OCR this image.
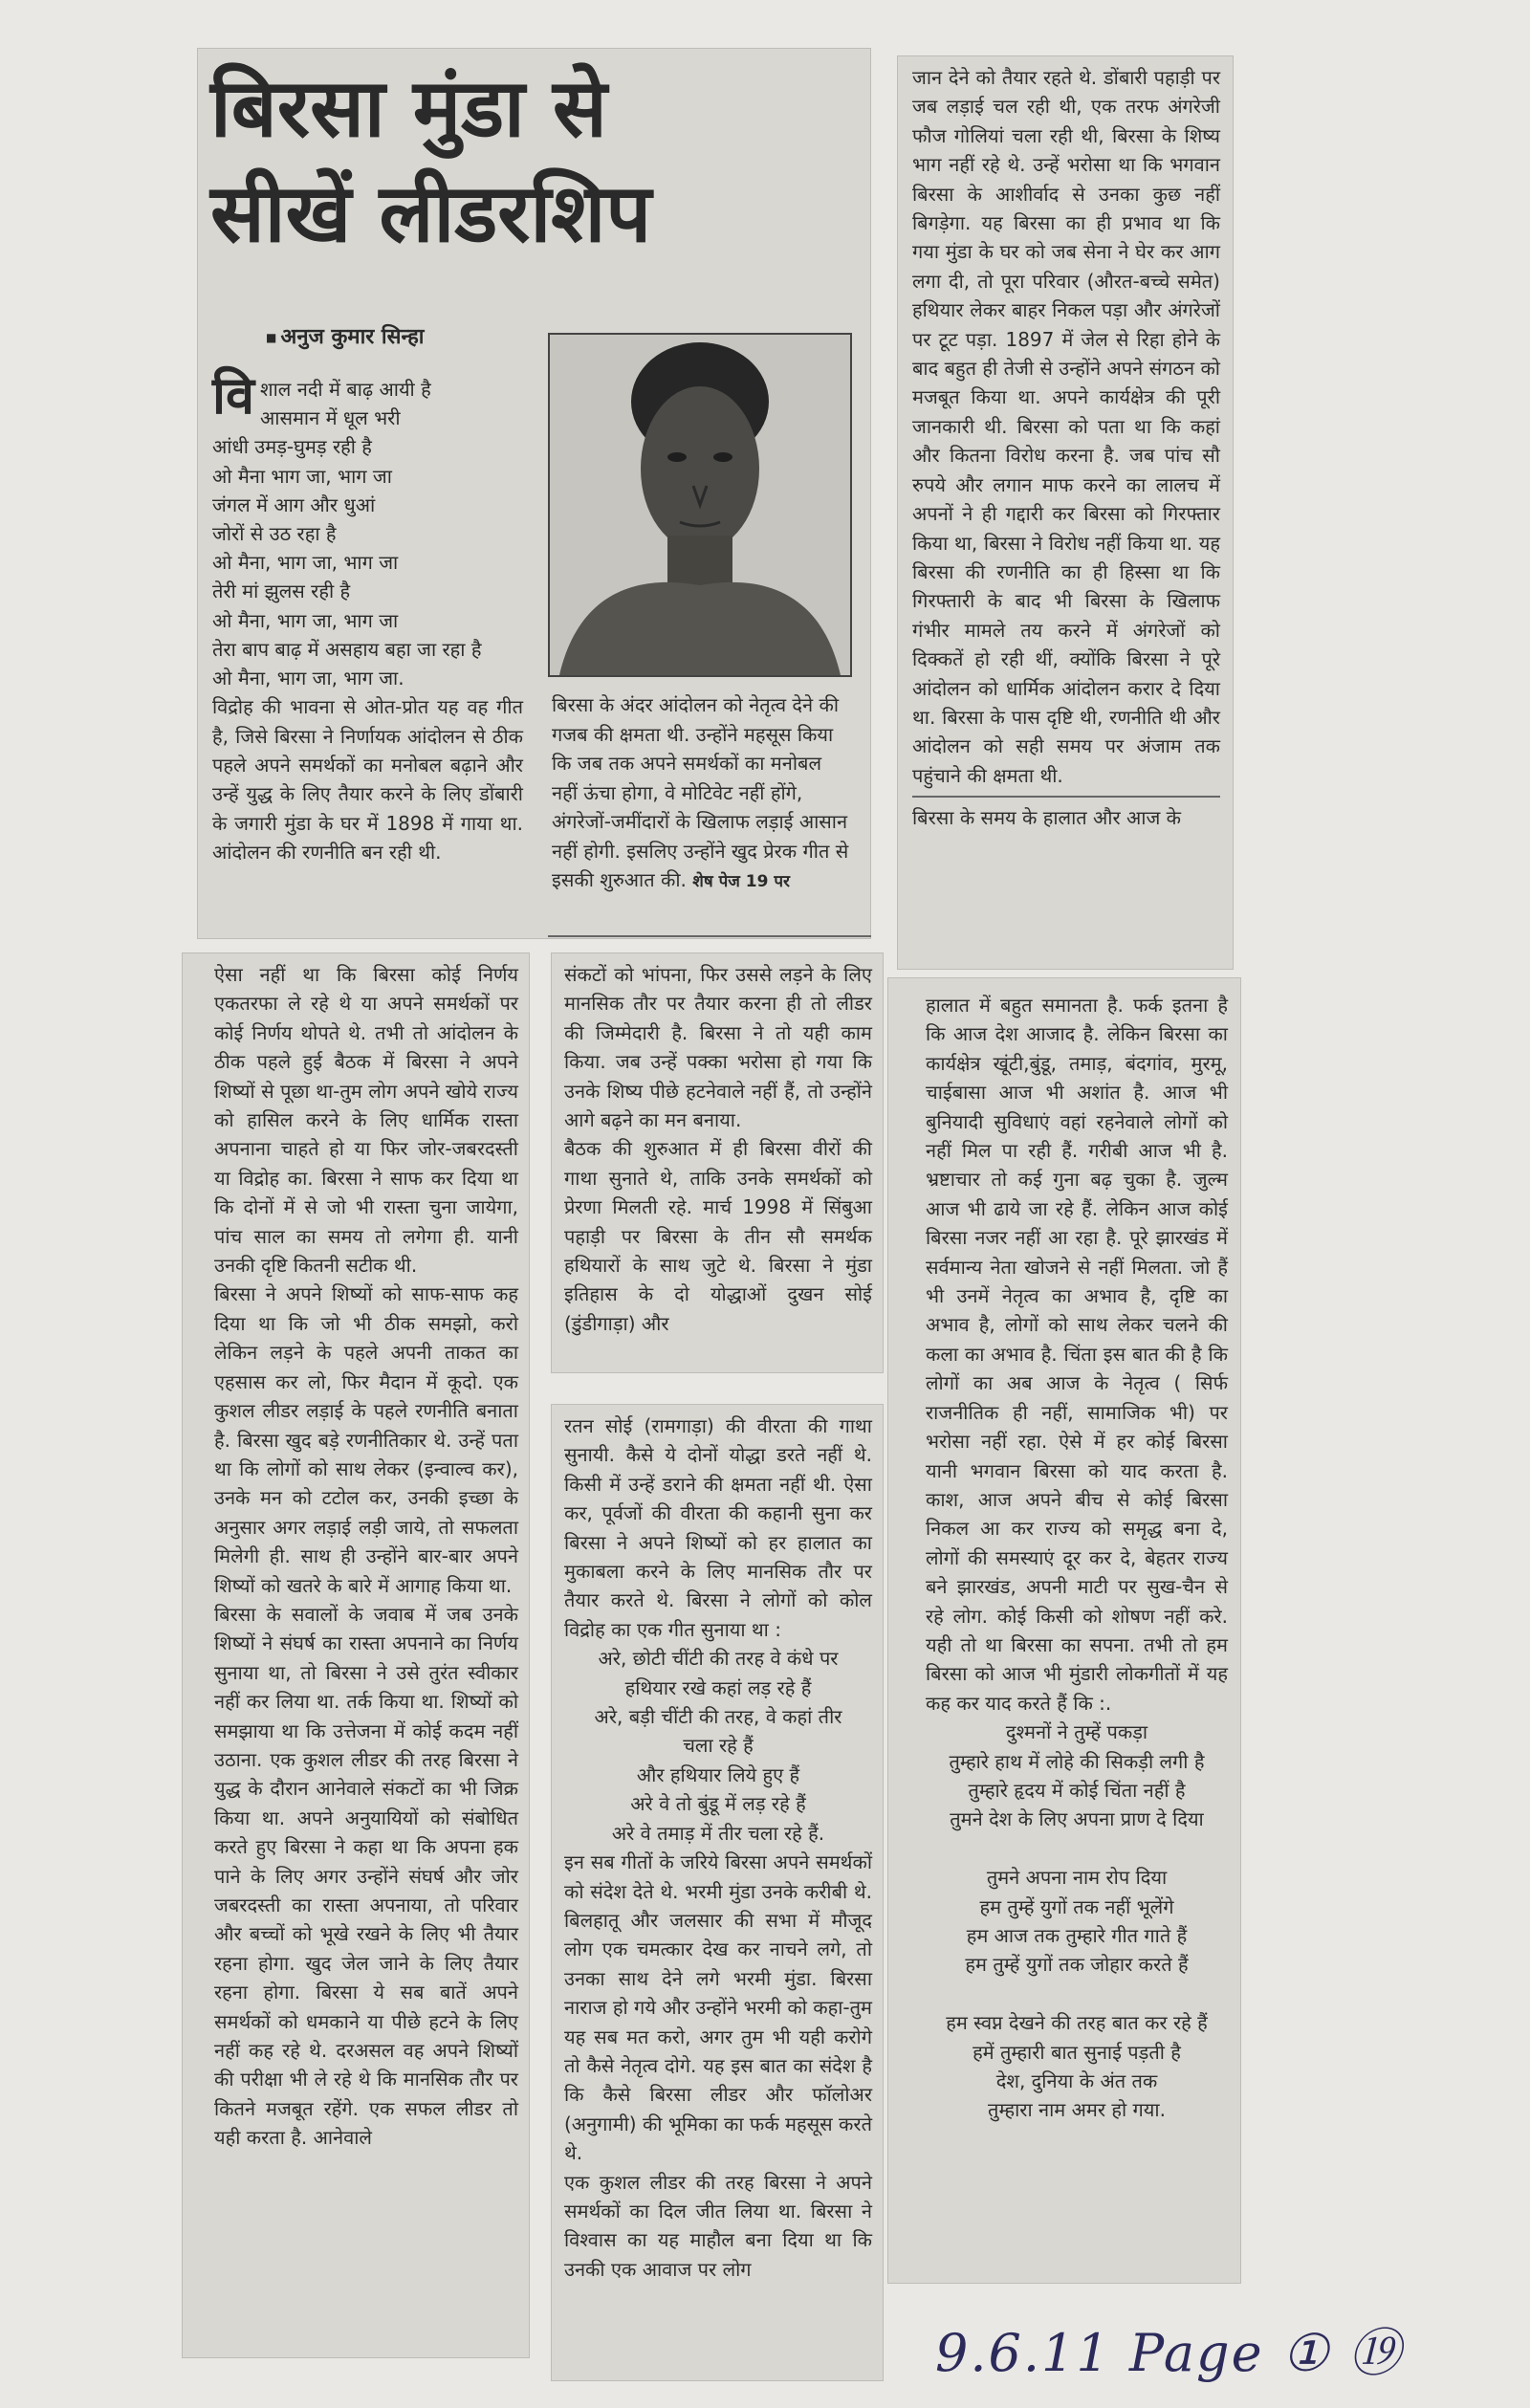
बिरसा मुंडा से
सीखें लीडरशिप
■ अनुज कुमार सिन्हा
वि शाल नदी में बाढ़ आयी है
आसमान में धूल भरी
आंधी उमड़-घुमड़ रही है
ओ मैना भाग जा, भाग जा
जंगल में आग और धुआं
जोरों से उठ रहा है
ओ मैना, भाग जा, भाग जा
तेरी मां झुलस रही है
ओ मैना, भाग जा, भाग जा
तेरा बाप बाढ़ में असहाय बहा जा रहा है
ओ मैना, भाग जा, भाग जा.

विद्रोह की भावना से ओत-प्रोत यह वह गीत है, जिसे बिरसा ने निर्णायक आंदोलन से ठीक पहले अपने समर्थकों का मनोबल बढ़ाने और उन्हें युद्ध के लिए तैयार करने के लिए डोंबारी के जगारी मुंडा के घर में 1898 में गाया था. आंदोलन की रणनीति बन रही थी.

बिरसा के अंदर आंदोलन को नेतृत्व देने की गजब की क्षमता थी. उन्होंने महसूस किया कि जब तक अपने समर्थकों का मनोबल नहीं ऊंचा होगा, वे मोटिवेट नहीं होंगे, अंगरेजों-जमींदारों के खिलाफ लड़ाई आसान नहीं होगी. इसलिए उन्होंने खुद प्रेरक गीत से इसकी शुरुआत की. शेष पेज 19 पर

जान देने को तैयार रहते थे. डोंबारी पहाड़ी पर जब लड़ाई चल रही थी, एक तरफ अंगरेजी फौज गोलियां चला रही थी, बिरसा के शिष्य भाग नहीं रहे थे. उन्हें भरोसा था कि भगवान बिरसा के आशीर्वाद से उनका कुछ नहीं बिगड़ेगा. यह बिरसा का ही प्रभाव था कि गया मुंडा के घर को जब सेना ने घेर कर आग लगा दी, तो पूरा परिवार (औरत-बच्चे समेत) हथियार लेकर बाहर निकल पड़ा और अंगरेजों पर टूट पड़ा. 1897 में जेल से रिहा होने के बाद बहुत ही तेजी से उन्होंने अपने संगठन को मजबूत किया था. अपने कार्यक्षेत्र की पूरी जानकारी थी. बिरसा को पता था कि कहां और कितना विरोध करना है. जब पांच सौ रुपये और लगान माफ करने का लालच में अपनों ने ही गद्दारी कर बिरसा को गिरफ्तार किया था, बिरसा ने विरोध नहीं किया था. यह बिरसा की रणनीति का ही हिस्सा था कि गिरफ्तारी के बाद भी बिरसा के खिलाफ गंभीर मामले तय करने में अंगरेजों को दिक्कतें हो रही थीं, क्योंकि बिरसा ने पूरे आंदोलन को धार्मिक आंदोलन करार दे दिया था. बिरसा के पास दृष्टि थी, रणनीति थी और आंदोलन को सही समय पर अंजाम तक पहुंचाने की क्षमता थी.

बिरसा के समय के हालात और आज के

ऐसा नहीं था कि बिरसा कोई निर्णय एकतरफा ले रहे थे या अपने समर्थकों पर कोई निर्णय थोपते थे. तभी तो आंदोलन के ठीक पहले हुई बैठक में बिरसा ने अपने शिष्यों से पूछा था-तुम लोग अपने खोये राज्य को हासिल करने के लिए धार्मिक रास्ता अपनाना चाहते हो या फिर जोर-जबरदस्ती या विद्रोह का. बिरसा ने साफ कर दिया था कि दोनों में से जो भी रास्ता चुना जायेगा, पांच साल का समय तो लगेगा ही. यानी उनकी दृष्टि कितनी सटीक थी.
बिरसा ने अपने शिष्यों को साफ-साफ कह दिया था कि जो भी ठीक समझो, करो लेकिन लड़ने के पहले अपनी ताकत का एहसास कर लो, फिर मैदान में कूदो. एक कुशल लीडर लड़ाई के पहले रणनीति बनाता है. बिरसा खुद बड़े रणनीतिकार थे. उन्हें पता था कि लोगों को साथ लेकर (इन्वाल्व कर), उनके मन को टटोल कर, उनकी इच्छा के अनुसार अगर लड़ाई लड़ी जाये, तो सफलता मिलेगी ही. साथ ही उन्होंने बार-बार अपने शिष्यों को खतरे के बारे में आगाह किया था.
बिरसा के सवालों के जवाब में जब उनके शिष्यों ने संघर्ष का रास्ता अपनाने का निर्णय सुनाया था, तो बिरसा ने उसे तुरंत स्वीकार नहीं कर लिया था. तर्क किया था. शिष्यों को समझाया था कि उत्तेजना में कोई कदम नहीं उठाना. एक कुशल लीडर की तरह बिरसा ने युद्ध के दौरान आनेवाले संकटों का भी जिक्र किया था. अपने अनुयायियों को संबोधित करते हुए बिरसा ने कहा था कि अपना हक पाने के लिए अगर उन्होंने संघर्ष और जोर जबरदस्ती का रास्ता अपनाया, तो परिवार और बच्चों को भूखे रखने के लिए भी तैयार रहना होगा. खुद जेल जाने के लिए तैयार रहना होगा. बिरसा ये सब बातें अपने समर्थकों को धमकाने या पीछे हटने के लिए नहीं कह रहे थे. दरअसल वह अपने शिष्यों की परीक्षा भी ले रहे थे कि मानसिक तौर पर कितने मजबूत रहेंगे. एक सफल लीडर तो यही करता है. आनेवाले

संकटों को भांपना, फिर उससे लड़ने के लिए मानसिक तौर पर तैयार करना ही तो लीडर की जिम्मेदारी है. बिरसा ने तो यही काम किया. जब उन्हें पक्का भरोसा हो गया कि उनके शिष्य पीछे हटनेवाले नहीं हैं, तो उन्होंने आगे बढ़ने का मन बनाया.
बैठक की शुरुआत में ही बिरसा वीरों की गाथा सुनाते थे, ताकि उनके समर्थकों को प्रेरणा मिलती रहे. मार्च 1998 में सिंबुआ पहाड़ी पर बिरसा के तीन सौ समर्थक हथियारों के साथ जुटे थे. बिरसा ने मुंडा इतिहास के दो योद्धाओं दुखन सोई (डुंडीगाड़ा) और

रतन सोई (रामगाड़ा) की वीरता की गाथा सुनायी. कैसे ये दोनों योद्धा डरते नहीं थे. किसी में उन्हें डराने की क्षमता नहीं थी. ऐसा कर, पूर्वजों की वीरता की कहानी सुना कर बिरसा ने अपने शिष्यों को हर हालात का मुकाबला करने के लिए मानसिक तौर पर तैयार करते थे. बिरसा ने लोगों को कोल विद्रोह का एक गीत सुनाया था :

अरे, छोटी चींटी की तरह वे कंधे पर
हथियार रखे कहां लड़ रहे हैं
अरे, बड़ी चींटी की तरह, वे कहां तीर
चला रहे हैं
और हथियार लिये हुए हैं
अरे वे तो बुंडू में लड़ रहे हैं
अरे वे तमाड़ में तीर चला रहे हैं.

इन सब गीतों के जरिये बिरसा अपने समर्थकों को संदेश देते थे. भरमी मुंडा उनके करीबी थे. बिलहातू और जलसार की सभा में मौजूद लोग एक चमत्कार देख कर नाचने लगे, तो उनका साथ देने लगे भरमी मुंडा. बिरसा नाराज हो गये और उन्होंने भरमी को कहा-तुम यह सब मत करो, अगर तुम भी यही करोगे तो कैसे नेतृत्व दोगे. यह इस बात का संदेश है कि कैसे बिरसा लीडर और फॉलोअर (अनुगामी) की भूमिका का फर्क महसूस करते थे.
एक कुशल लीडर की तरह बिरसा ने अपने समर्थकों का दिल जीत लिया था. बिरसा ने विश्वास का यह माहौल बना दिया था कि उनकी एक आवाज पर लोग

हालात में बहुत समानता है. फर्क इतना है कि आज देश आजाद है. लेकिन बिरसा का कार्यक्षेत्र खूंटी,बुंडू, तमाड़, बंदगांव, मुरमू, चाईबासा आज भी अशांत है. आज भी बुनियादी सुविधाएं वहां रहनेवाले लोगों को नहीं मिल पा रही हैं. गरीबी आज भी है. भ्रष्टाचार तो कई गुना बढ़ चुका है. जुल्म आज भी ढाये जा रहे हैं. लेकिन आज कोई बिरसा नजर नहीं आ रहा है. पूरे झारखंड में सर्वमान्य नेता खोजने से नहीं मिलता. जो हैं भी उनमें नेतृत्व का अभाव है, दृष्टि का अभाव है, लोगों को साथ लेकर चलने की कला का अभाव है. चिंता इस बात की है कि लोगों का अब आज के नेतृत्व ( सिर्फ राजनीतिक ही नहीं, सामाजिक भी) पर भरोसा नहीं रहा. ऐसे में हर कोई बिरसा यानी भगवान बिरसा को याद करता है. काश, आज अपने बीच से कोई बिरसा निकल आ कर राज्य को समृद्ध बना दे, लोगों की समस्याएं दूर कर दे, बेहतर राज्य बने झारखंड, अपनी माटी पर सुख-चैन से रहे लोग. कोई किसी को शोषण नहीं करे. यही तो था बिरसा का सपना. तभी तो हम बिरसा को आज भी मुंडारी लोकगीतों में यह कह कर याद करते हैं कि :.

दुश्मनों ने तुम्हें पकड़ा
तुम्हारे हाथ में लोहे की सिकड़ी लगी है
तुम्हारे हृदय में कोई चिंता नहीं है
तुमने देश के लिए अपना प्राण दे दिया

तुमने अपना नाम रोप दिया
हम तुम्हें युगों तक नहीं भूलेंगे
हम आज तक तुम्हारे गीत गाते हैं
हम तुम्हें युगों तक जोहार करते हैं

हम स्वप्न देखने की तरह बात कर रहे हैं
हमें तुम्हारी बात सुनाई पड़ती है
देश, दुनिया के अंत तक
तुम्हारा नाम अमर हो गया.
9.6.11 Page ① ⑲
